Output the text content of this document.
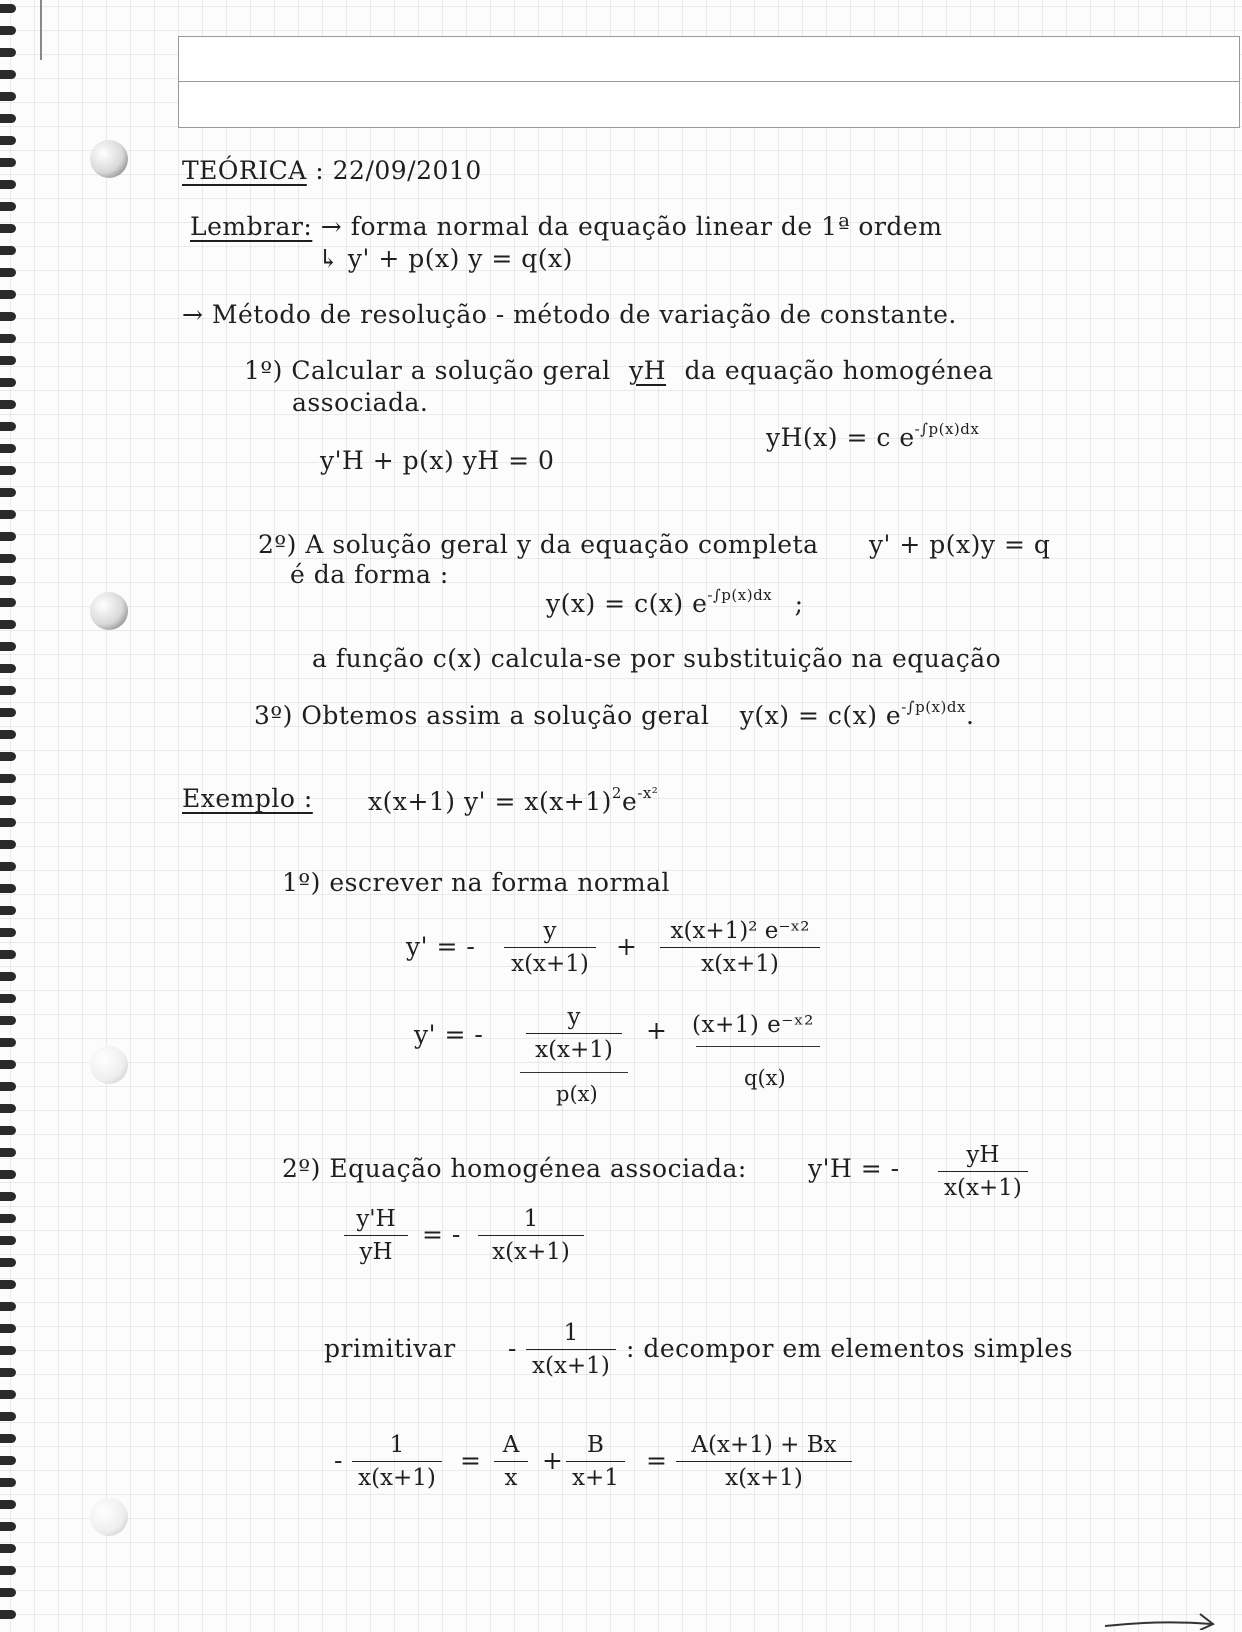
TEÓRICA : 22/09/2010
Lembrar: → forma normal da equação linear de 1ª ordem
↳ y' + p(x) y = q(x)
→ Método de resolução - método de variação de constante.
1º) Calcular a solução geral yH da equação homogénea
associada.
yH(x) = c $e^{-\int p(x)dx}$
y'H + p(x) yH = 0
2º) A solução geral y da equação completa y' + p(x)y = q
é da forma :
y(x) = c(x) $e^{-\int p(x)dx}$ ;
a função c(x) calcula-se por substituição na equação
3º) Obtemos assim a solução geral y(x) = c(x) $e^{-\int p(x)dx}$.
Exemplo : x(x+1) $y' = x(x+1)^2e^{-x^2}$
1º) escrever na forma normal
y' = - $\frac{y}{x(x+1)} + \frac{\text{x(x+1)² e⁻ˣ²}}{x(x+1)}$
y' = - $\frac{y}{x(x+1)} + (x+1)$ e⁻ˣ²
p(x)
q(x)
2º) Equação homogénea associada: y'H = - $\frac{yH}{x(x+1)}$
$\frac{y'H}{yH}$ = - $\frac{1}{x(x+1)}$
primitivar - $\frac{1}{x(x+1)}$ : decompor em elementos simples
- $\frac{1}{x(x+1)} = \frac{A}{x} + \frac{B}{x+1} = \frac{A(x+1) + Bx}{x(x+1)}$
